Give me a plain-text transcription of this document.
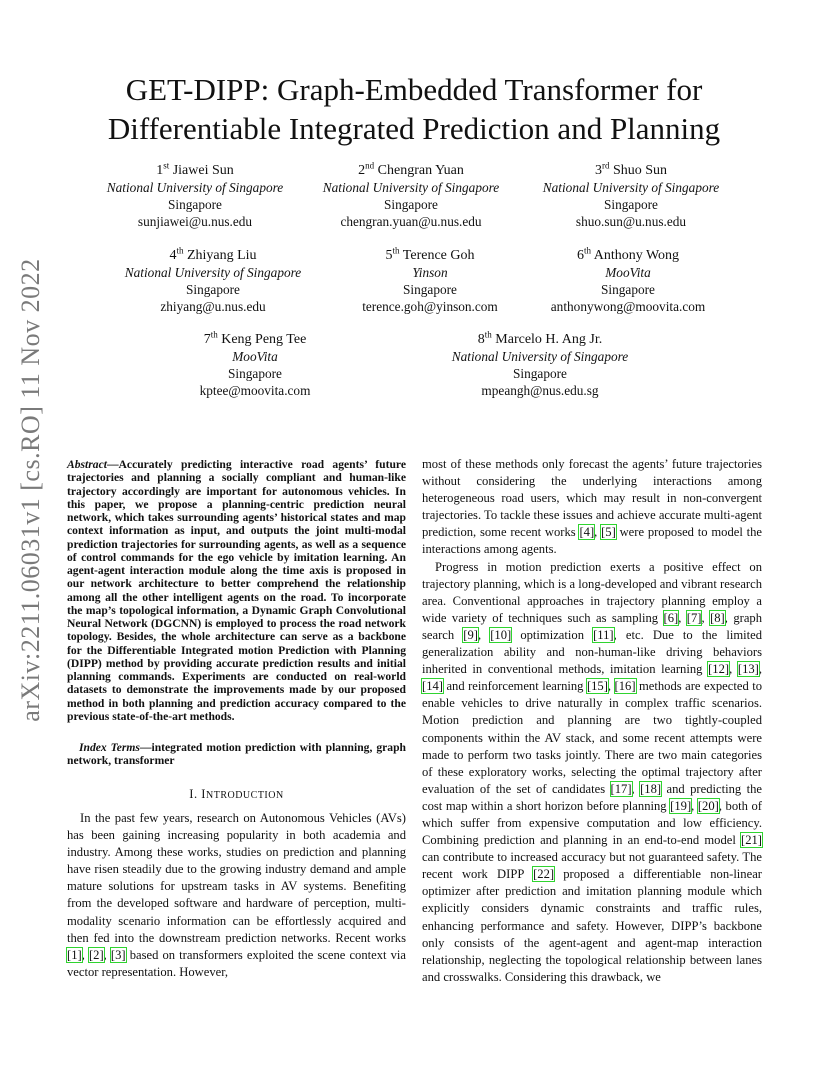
arXiv:2211.06031v1 [cs.RO] 11 Nov 2022
GET-DIPP: Graph-Embedded Transformer for
Differentiable Integrated Prediction and Planning
1st Jiawei Sun
National University of Singapore
Singapore
sunjiawei@u.nus.edu
2nd Chengran Yuan
National University of Singapore
Singapore
chengran.yuan@u.nus.edu
3rd Shuo Sun
National University of Singapore
Singapore
shuo.sun@u.nus.edu
4th Zhiyang Liu
National University of Singapore
Singapore
zhiyang@u.nus.edu
5th Terence Goh
Yinson
Singapore
terence.goh@yinson.com
6th Anthony Wong
MooVita
Singapore
anthonywong@moovita.com
7th Keng Peng Tee
MooVita
Singapore
kptee@moovita.com
8th Marcelo H. Ang Jr.
National University of Singapore
Singapore
mpeangh@nus.edu.sg
Abstract—Accurately predicting interactive road agents’ future trajectories and planning a socially compliant and human-like trajectory accordingly are important for autonomous vehicles. In this paper, we propose a planning-centric prediction neural network, which takes surrounding agents’ historical states and map context information as input, and outputs the joint multi-modal prediction trajectories for surrounding agents, as well as a sequence of control commands for the ego vehicle by imitation learning. An agent-agent interaction module along the time axis is proposed in our network architecture to better comprehend the relationship among all the other intelligent agents on the road. To incorporate the map’s topological information, a Dynamic Graph Convolutional Neural Network (DGCNN) is employed to process the road network topology. Besides, the whole architecture can serve as a backbone for the Differentiable Integrated motion Prediction with Planning (DIPP) method by providing accurate prediction results and initial planning commands. Experiments are conducted on real-world datasets to demonstrate the improvements made by our proposed method in both planning and prediction accuracy compared to the previous state-of-the-art methods.
Index Terms—integrated motion prediction with planning, graph network, transformer
I. INTRODUCTION

In the past few years, research on Autonomous Vehicles (AVs) has been gaining increasing popularity in both academia and industry. Among these works, studies on prediction and planning have risen steadily due to the growing industry demand and ample mature solutions for upstream tasks in AV systems. Benefiting from the developed software and hardware of perception, multi-modality scenario information can be effortlessly acquired and then fed into the downstream prediction networks. Recent works [1], [2], [3] based on transformers exploited the scene context via vector representation. However,

most of these methods only forecast the agents’ future trajectories without considering the underlying interactions among heterogeneous road users, which may result in non-convergent trajectories. To tackle these issues and achieve accurate multi-agent prediction, some recent works [4], [5] were proposed to model the interactions among agents.

Progress in motion prediction exerts a positive effect on trajectory planning, which is a long-developed and vibrant research area. Conventional approaches in trajectory planning employ a wide variety of techniques such as sampling [6], [7], [8], graph search [9], [10] optimization [11], etc. Due to the limited generalization ability and non-human-like driving behaviors inherited in conventional methods, imitation learning [12], [13], [14] and reinforcement learning [15], [16] methods are expected to enable vehicles to drive naturally in complex traffic scenarios. Motion prediction and planning are two tightly-coupled components within the AV stack, and some recent attempts were made to perform two tasks jointly. There are two main categories of these exploratory works, selecting the optimal trajectory after evaluation of the set of candidates [17], [18] and predicting the cost map within a short horizon before planning [19], [20], both of which suffer from expensive computation and low efficiency. Combining prediction and planning in an end-to-end model [21] can contribute to increased accuracy but not guaranteed safety. The recent work DIPP [22] proposed a differentiable non-linear optimizer after prediction and imitation planning module which explicitly considers dynamic constraints and traffic rules, enhancing performance and safety. However, DIPP’s backbone only consists of the agent-agent and agent-map interaction relationship, neglecting the topological relationship between lanes and crosswalks. Considering this drawback, we
